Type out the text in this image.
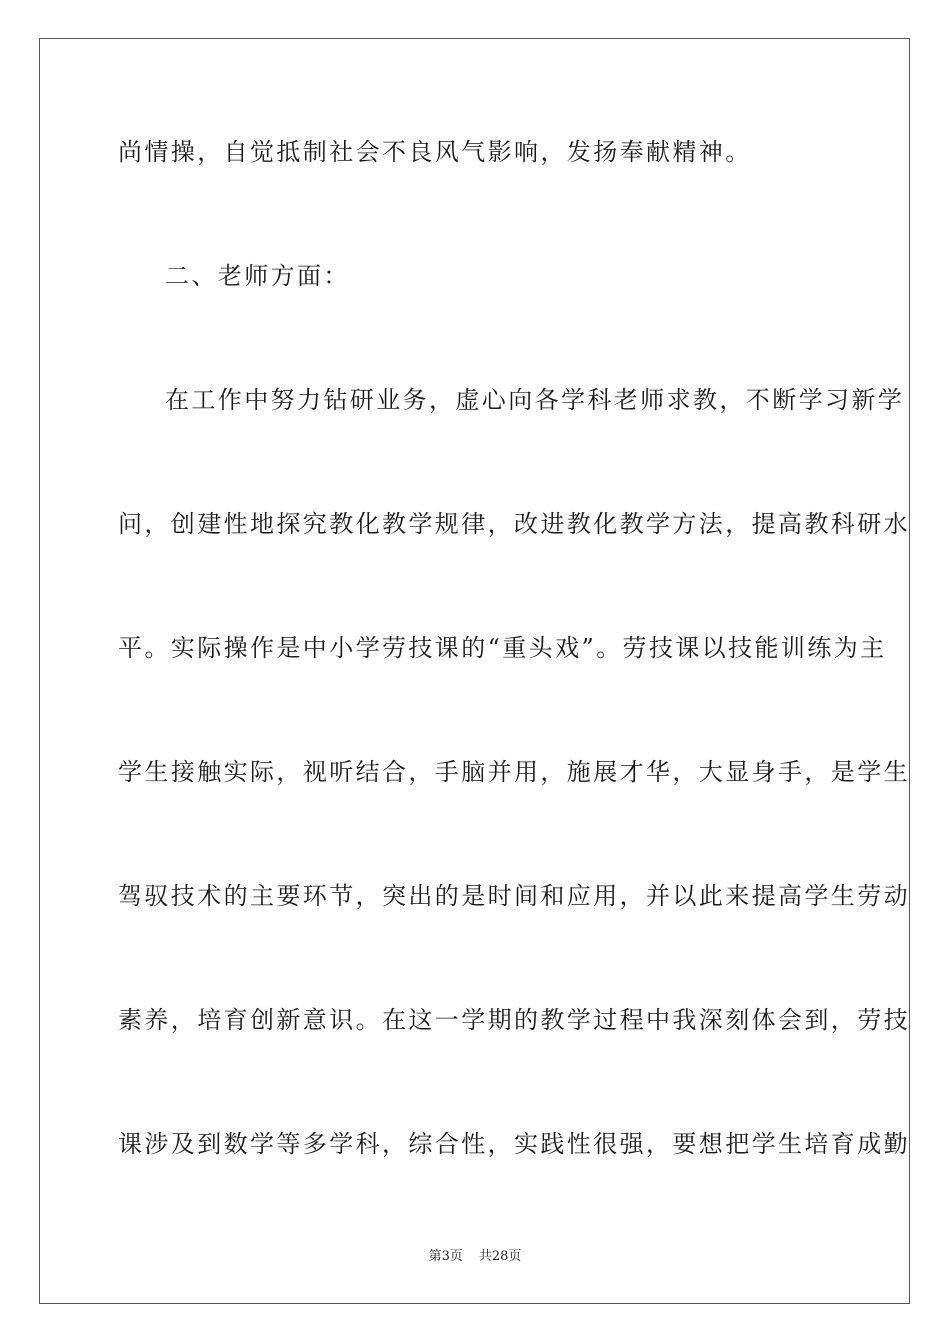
尚情操，自觉抵制社会不良风气影响，发扬奉献精神。
二、老师方面：
在工作中努力钻研业务，虚心向各学科老师求教，不断学习新学
问，创建性地探究教化教学规律，改进教化教学方法，提高教科研水
平。实际操作是中小学劳技课的“重头戏”。劳技课以技能训练为主
学生接触实际，视听结合，手脑并用，施展才华，大显身手，是学生
驾驭技术的主要环节，突出的是时间和应用，并以此来提高学生劳动
素养，培育创新意识。在这一学期的教学过程中我深刻体会到，劳技
课涉及到数学等多学科，综合性，实践性很强，要想把学生培育成勤
第3页 共28页
